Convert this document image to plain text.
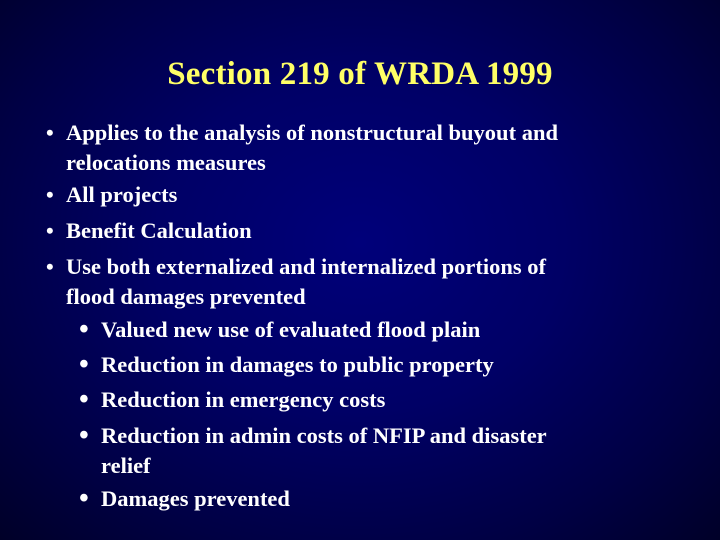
Section 219 of WRDA 1999
• Applies to the analysis of nonstructural buyout and
relocations measures
• All projects
• Benefit Calculation
• Use both externalized and internalized portions of
flood damages prevented
• Valued new use of evaluated flood plain
• Reduction in damages to public property
• Reduction in emergency costs
• Reduction in admin costs of NFIP and disaster
relief
• Damages prevented
